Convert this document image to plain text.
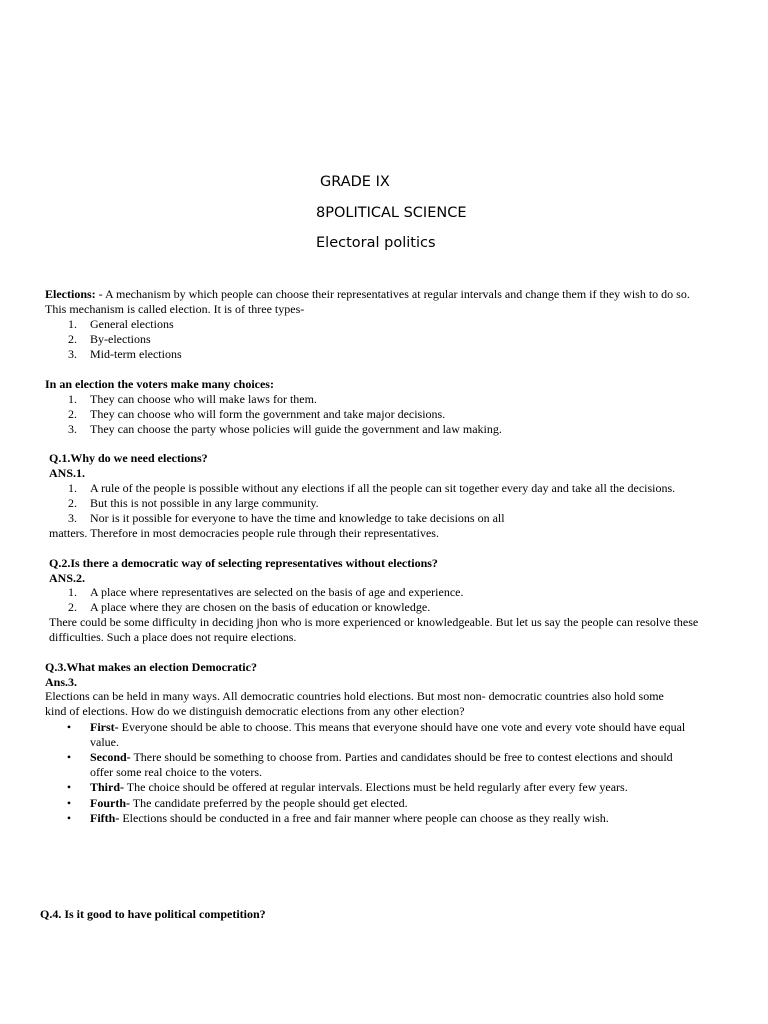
GRADE IX
8POLITICAL SCIENCE
Electoral politics
Elections: - A mechanism by which people can choose their representatives at regular intervals and change them if they wish to do so.
This mechanism is called election. It is of three types-
1. General elections
2. By-elections
3. Mid-term elections
In an election the voters make many choices:
1. They can choose who will make laws for them.
2. They can choose who will form the government and take major decisions.
3. They can choose the party whose policies will guide the government and law making.
Q.1.Why do we need elections?
ANS.1.
1. A rule of the people is possible without any elections if all the people can sit together every day and take all the decisions.
2. But this is not possible in any large community.
3. Nor is it possible for everyone to have the time and knowledge to take decisions on all
matters. Therefore in most democracies people rule through their representatives.
Q.2.Is there a democratic way of selecting representatives without elections?
ANS.2.
1. A place where representatives are selected on the basis of age and experience.
2. A place where they are chosen on the basis of education or knowledge.
There could be some difficulty in deciding jhon who is more experienced or knowledgeable. But let us say the people can resolve these
difficulties. Such a place does not require elections.
Q.3.What makes an election Democratic?
Ans.3.
Elections can be held in many ways. All democratic countries hold elections. But most non- democratic countries also hold some
kind of elections. How do we distinguish democratic elections from any other election?
• First- Everyone should be able to choose. This means that everyone should have one vote and every vote should have equal
value.
• Second- There should be something to choose from. Parties and candidates should be free to contest elections and should
offer some real choice to the voters.
• Third- The choice should be offered at regular intervals. Elections must be held regularly after every few years.
• Fourth- The candidate preferred by the people should get elected.
• Fifth- Elections should be conducted in a free and fair manner where people can choose as they really wish.
Q.4. Is it good to have political competition?
